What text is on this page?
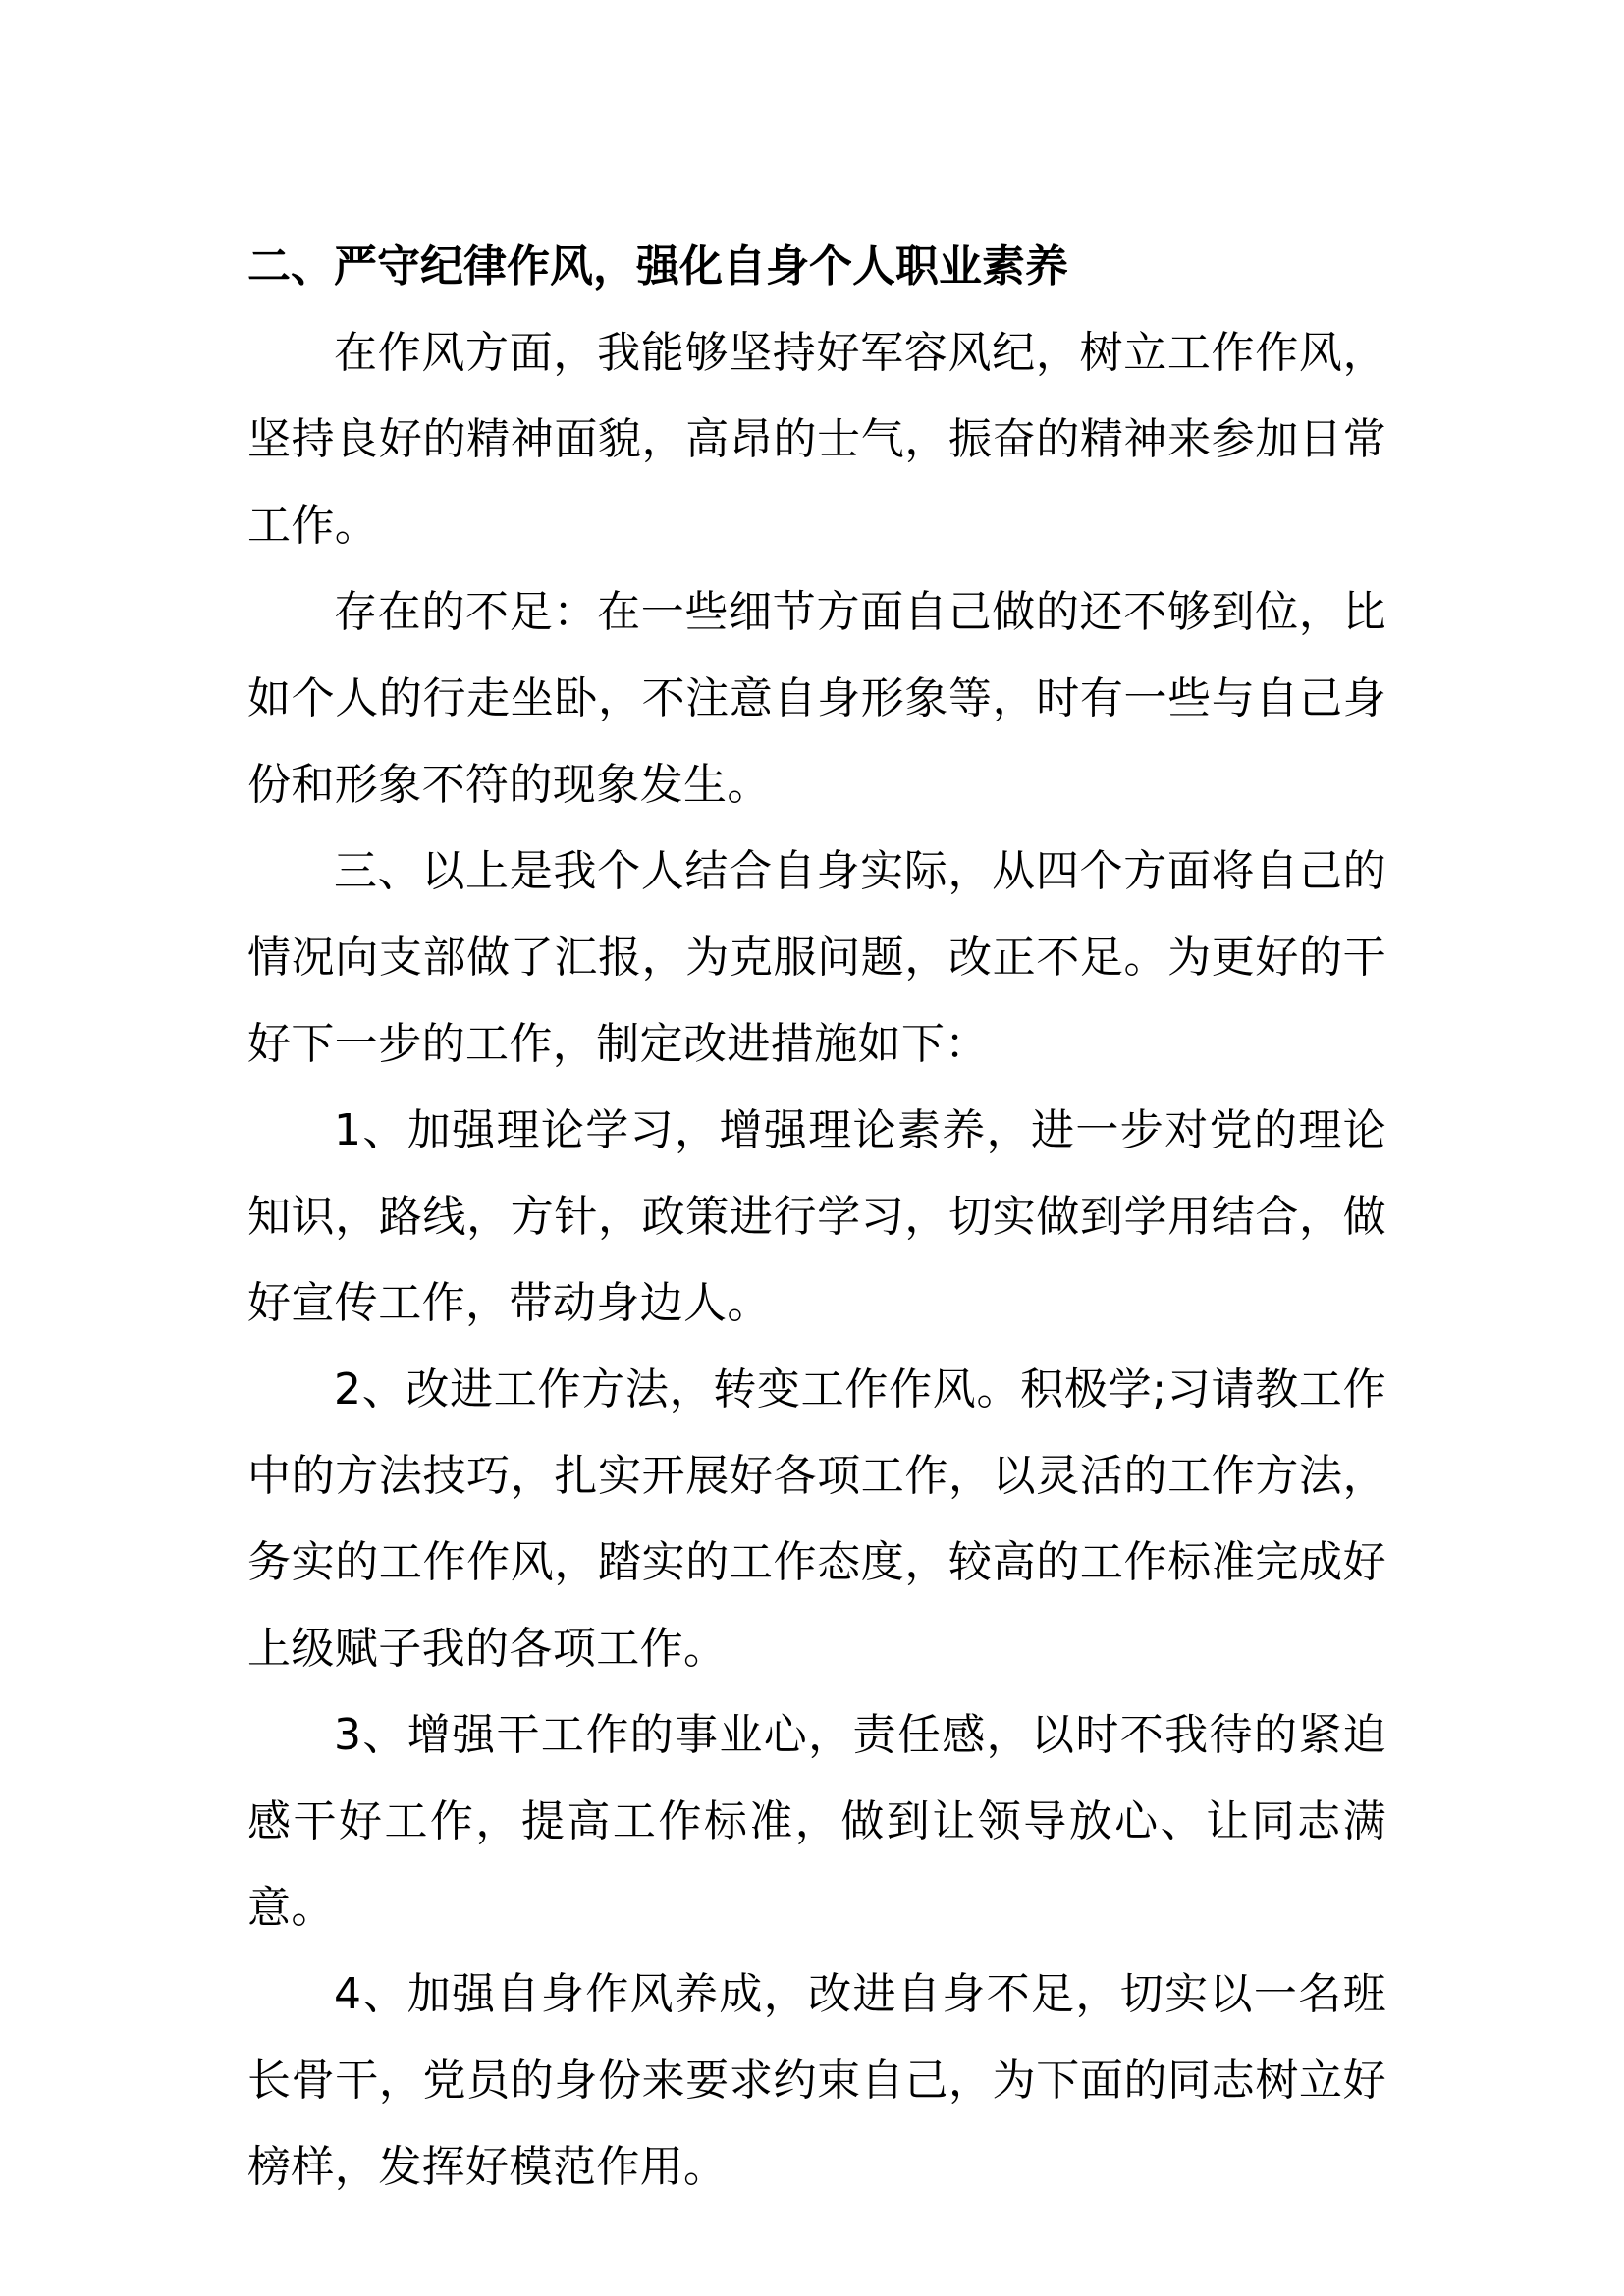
二、严守纪律作风，强化自身个人职业素养

在作风方面，我能够坚持好军容风纪，树立工作作风，坚持良好的精神面貌，高昂的士气，振奋的精神来参加日常工作。

存在的不足：在一些细节方面自己做的还不够到位，比如个人的行走坐卧，不注意自身形象等，时有一些与自己身份和形象不符的现象发生。

三、以上是我个人结合自身实际，从四个方面将自己的情况向支部做了汇报，为克服问题，改正不足。为更好的干好下一步的工作，制定改进措施如下：

1、加强理论学习，增强理论素养，进一步对党的理论知识，路线，方针，政策进行学习，切实做到学用结合，做好宣传工作，带动身边人。

2、改进工作方法，转变工作作风。积极学;习请教工作中的方法技巧，扎实开展好各项工作，以灵活的工作方法，务实的工作作风，踏实的工作态度，较高的工作标准完成好上级赋子我的各项工作。

3、增强干工作的事业心，责任感，以时不我待的紧迫感干好工作，提高工作标准，做到让领导放心、让同志满意。

4、加强自身作风养成，改进自身不足，切实以一名班长骨干，党员的身份来要求约束自己，为下面的同志树立好榜样，发挥好模范作用。
